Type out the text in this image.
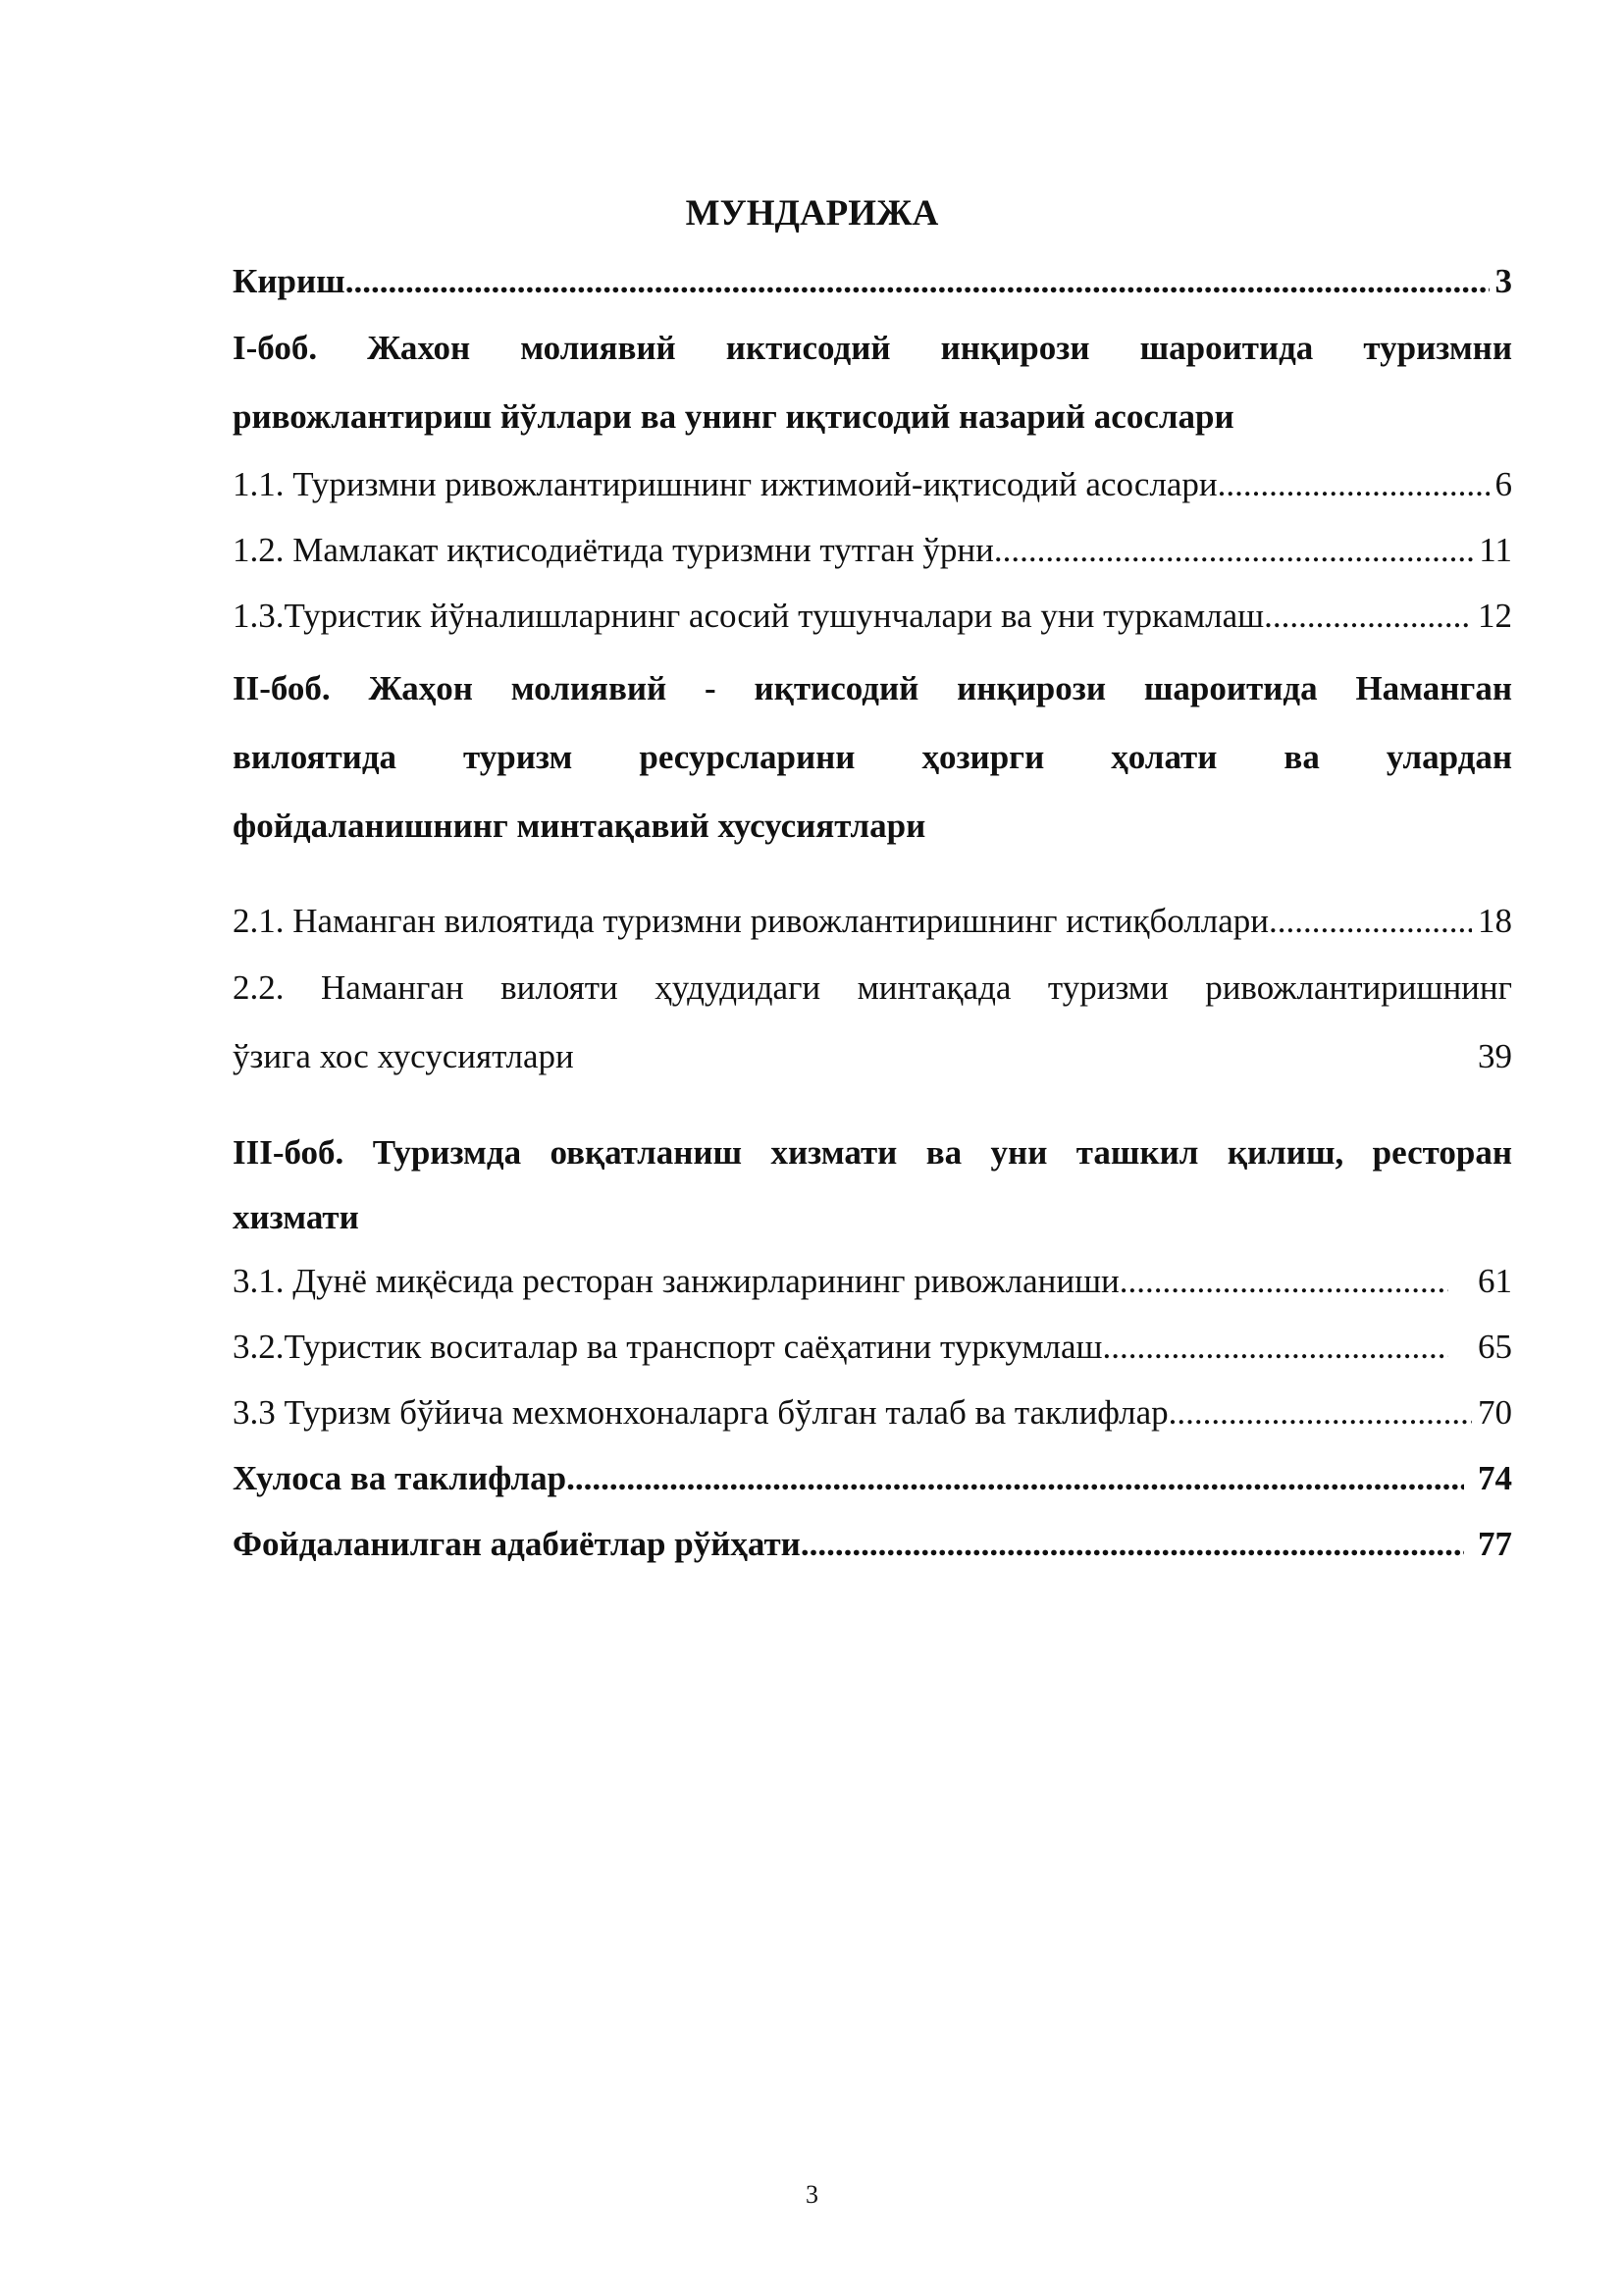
МУНДАРИЖА
Кириш .....	3
I-боб. Жахон молиявий иктисодий инқирози шароитида туризмни
ривожлантириш йўллари ва унинг иқтисодий назарий асослари
1.1. Туризмни ривожлантиришнинг ижтимоий-иқтисодий асослари .....	6
1.2. Мамлакат иқтисодиётида туризмни тутган ўрни .....	11
1.3.Туристик йўналишларнинг асосий тушунчалари ва уни туркамлаш .....	12
II-боб. Жаҳон молиявий - иқтисодий инқирози шароитида Наманган
вилоятида туризм ресурсларини ҳозирги ҳолати ва улардан
фойдаланишнинг минтақавий хусусиятлари
2.1. Наманган вилоятида туризмни ривожлантиришнинг истиқболлари .....	18
2.2. Наманган вилояти ҳудудидаги минтақада туризми ривожлантиришнинг
ўзига хос хусусиятлари	39
III-боб. Туризмда овқатланиш хизмати ва уни ташкил қилиш, ресторан
хизмати
3.1. Дунё миқёсида ресторан занжирларининг ривожланиши .....	61
3.2.Туристик воситалар ва транспорт саёҳатини туркумлаш .....	65
3.3 Туризм бўйича мехмонхоналарга бўлган талаб ва таклифлар .....	70
Хулоса ва таклифлар .....	74
Фойдаланилган адабиётлар рўйҳати .....	77
3
